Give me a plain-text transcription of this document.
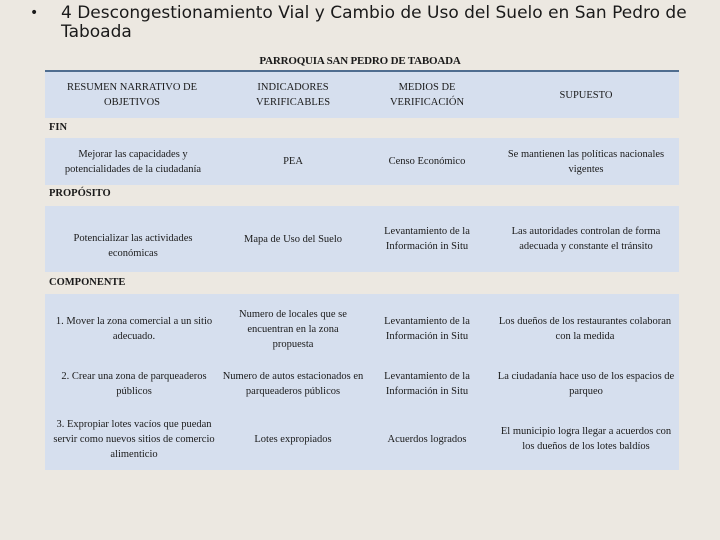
• 4 Descongestionamiento Vial y Cambio de Uso del Suelo en San Pedro de Taboada
PARROQUIA SAN PEDRO DE TABOADA
RESUMEN NARRATIVO DE OBJETIVOS
INDICADORES VERIFICABLES
MEDIOS DE VERIFICACIÓN
SUPUESTO
FIN
Mejorar las capacidades y potencialidades de la ciudadanía
PEA	Censo Económico
Se mantienen las políticas nacionales vigentes
PROPÓSITO
Potencializar las actividades económicas
Mapa de Uso del Suelo
Levantamiento de la Información in Situ
Las autoridades controlan de forma adecuada y constante el tránsito
COMPONENTE
1. Mover la zona comercial a un sitio adecuado.
Numero de locales que se encuentran en la zona propuesta
Levantamiento de la Información in Situ
Los dueños de los restaurantes colaboran con la medida
2. Crear una zona de parqueaderos públicos
Numero de autos estacionados en parqueaderos públicos
Levantamiento de la Información in Situ
La ciudadanía hace uso de los espacios de parqueo
3. Expropiar lotes vacíos que puedan servir como nuevos sitios de comercio alimenticio
Lotes expropiados	Acuerdos logrados
El municipio logra llegar a acuerdos con los dueños de los lotes baldíos
